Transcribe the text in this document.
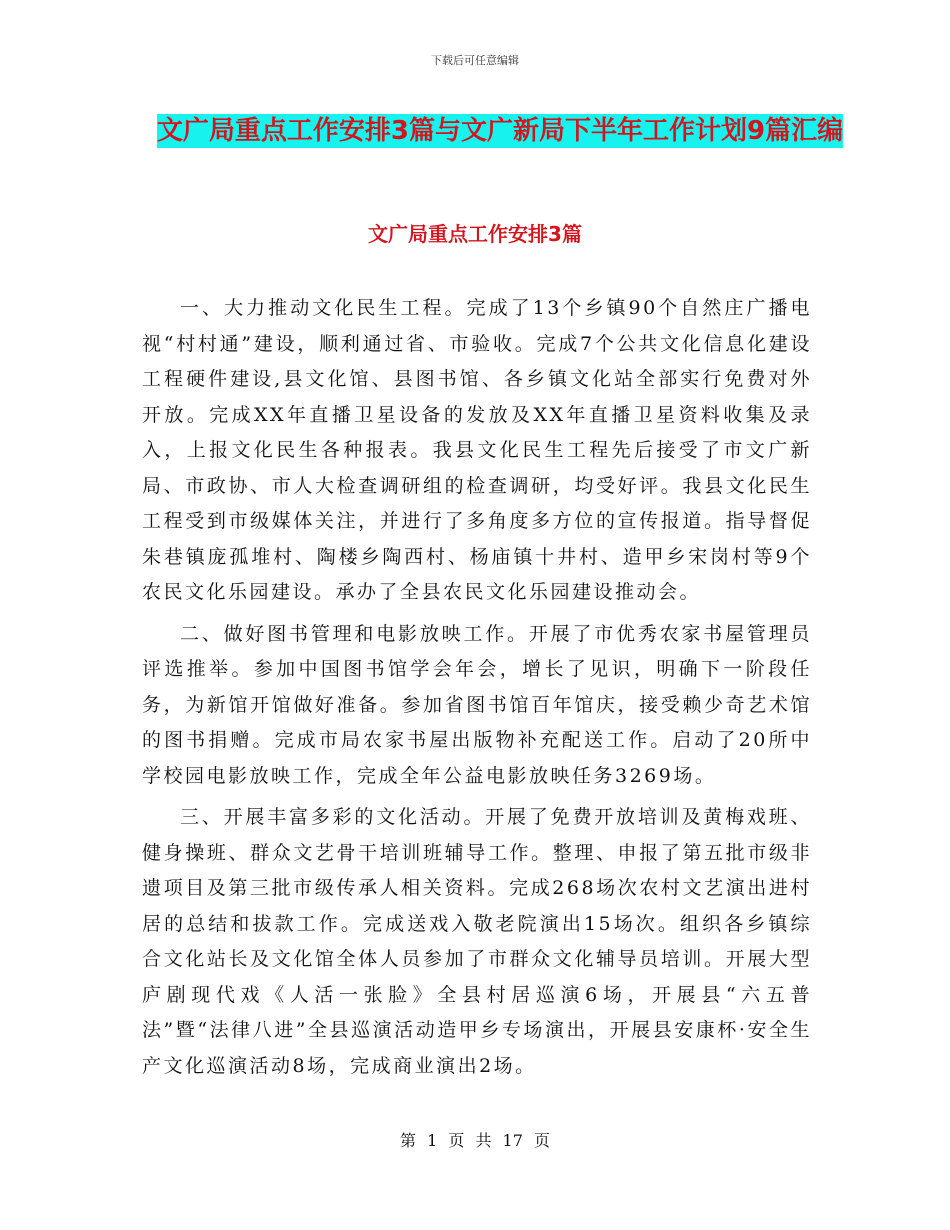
下载后可任意编辑
文广局重点工作安排3篇与文广新局下半年工作计划9篇汇编
文广局重点工作安排3篇

一、大力推动文化民生工程。完成了13个乡镇90个自然庄广播电视“村村通”建设，顺利通过省、市验收。完成7个公共文化信息化建设工程硬件建设,县文化馆、县图书馆、各乡镇文化站全部实行免费对外开放。完成XX年直播卫星设备的发放及XX年直播卫星资料收集及录入，上报文化民生各种报表。我县文化民生工程先后接受了市文广新局、市政协、市人大检查调研组的检查调研，均受好评。我县文化民生工程受到市级媒体关注，并进行了多角度多方位的宣传报道。指导督促朱巷镇庞孤堆村、陶楼乡陶西村、杨庙镇十井村、造甲乡宋岗村等9个农民文化乐园建设。承办了全县农民文化乐园建设推动会。

二、做好图书管理和电影放映工作。开展了市优秀农家书屋管理员评选推举。参加中国图书馆学会年会，增长了见识，明确下一阶段任务，为新馆开馆做好准备。参加省图书馆百年馆庆，接受赖少奇艺术馆的图书捐赠。完成市局农家书屋出版物补充配送工作。启动了20所中学校园电影放映工作，完成全年公益电影放映任务3269场。

三、开展丰富多彩的文化活动。开展了免费开放培训及黄梅戏班、健身操班、群众文艺骨干培训班辅导工作。整理、申报了第五批市级非遗项目及第三批市级传承人相关资料。完成268场次农村文艺演出进村居的总结和拔款工作。完成送戏入敬老院演出15场次。组织各乡镇综合文化站长及文化馆全体人员参加了市群众文化辅导员培训。开展大型庐剧现代戏《人活一张脸》全县村居巡演6场，开展县“六五普法”暨“法律八进”全县巡演活动造甲乡专场演出，开展县安康杯·安全生产文化巡演活动8场，完成商业演出2场。

第 1 页 共 17 页
